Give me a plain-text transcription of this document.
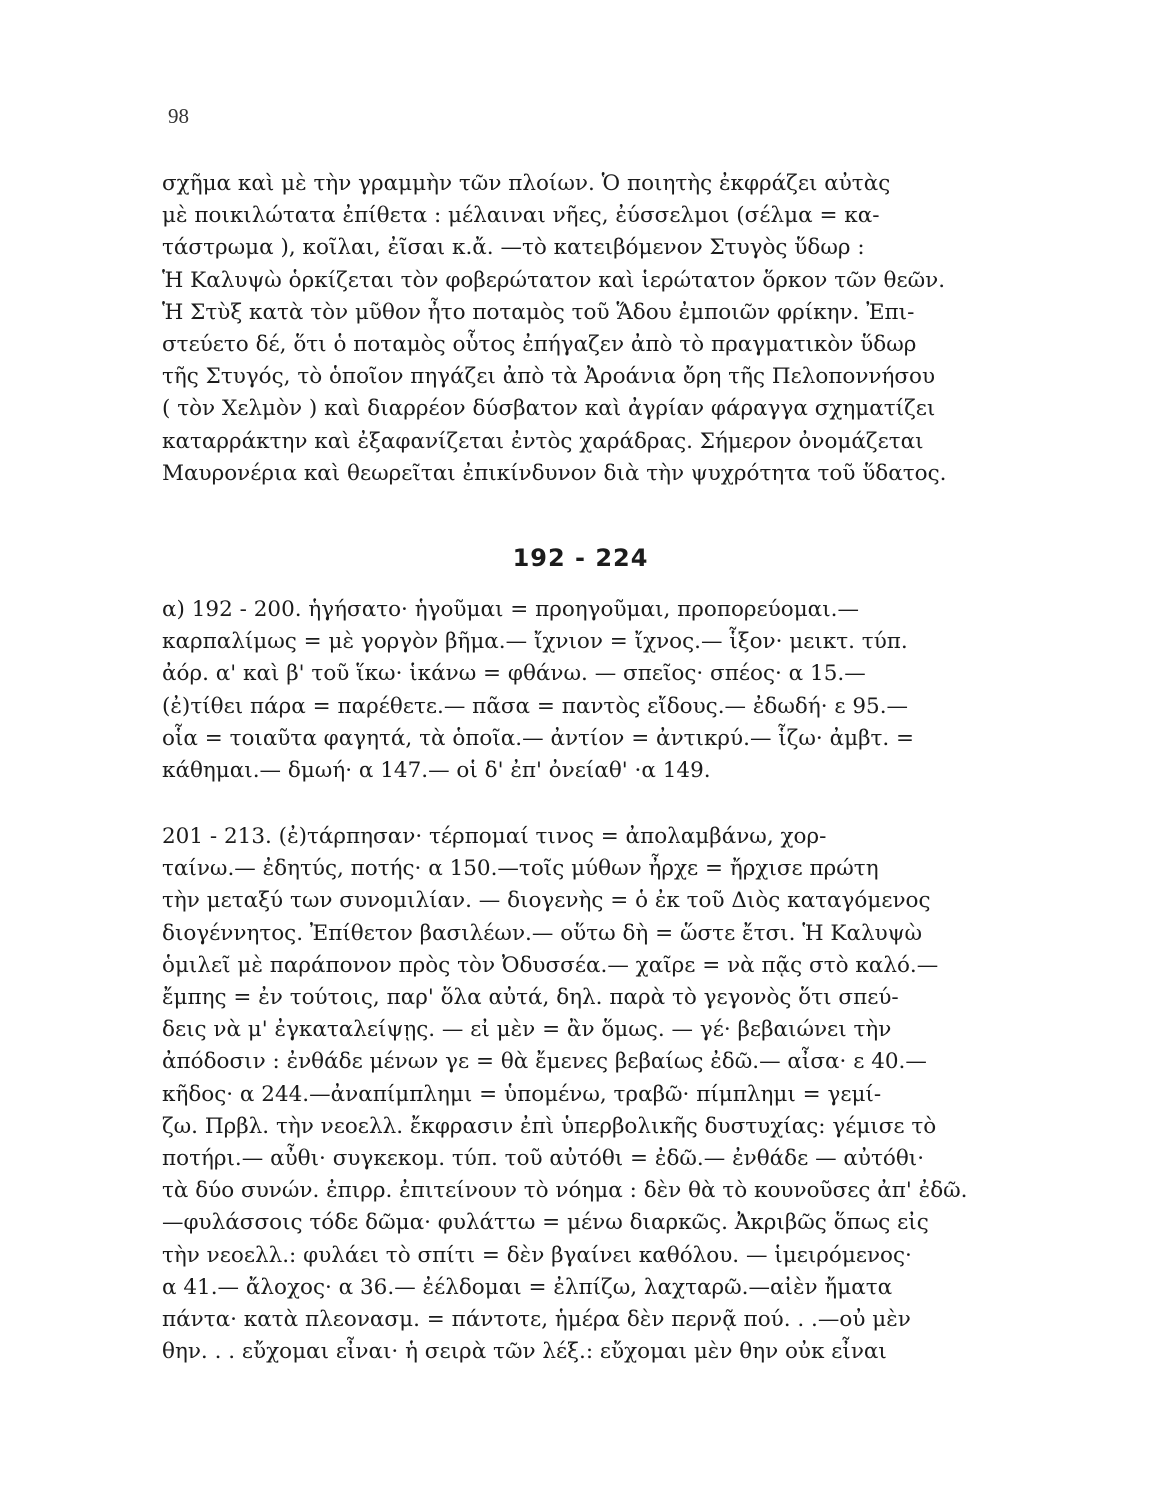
98
σχῆμα καὶ μὲ τὴν γραμμὴν τῶν πλοίων. Ὁ ποιητὴς ἐκφράζει αὐτὰς
μὲ ποικιλώτατα ἐπίθετα : μέλαιναι νῆες, ἐύσσελμοι (σέλμα = κα-
τάστρωμα ), κοῖλαι, ἐῖσαι κ.ἄ. —τὸ κατειβόμενον Στυγὸς ὕδωρ :
Ἡ Καλυψὼ ὁρκίζεται τὸν φοβερώτατον καὶ ἱερώτατον ὅρκον τῶν θεῶν.
Ἡ Στὺξ κατὰ τὸν μῦθον ἦτο ποταμὸς τοῦ Ἅδου ἐμποιῶν φρίκην. Ἐπι-
στεύετο δέ, ὅτι ὁ ποταμὸς οὗτος ἐπήγαζεν ἀπὸ τὸ πραγματικὸν ὕδωρ
τῆς Στυγός, τὸ ὁποῖον πηγάζει ἀπὸ τὰ Ἀροάνια ὄρη τῆς Πελοποννήσου
( τὸν Χελμὸν ) καὶ διαρρέον δύσβατον καὶ ἀγρίαν φάραγγα σχηματίζει
καταρράκτην καὶ ἐξαφανίζεται ἐντὸς χαράδρας. Σήμερον ὀνομάζεται
Μαυρονέρια καὶ θεωρεῖται ἐπικίνδυνον διὰ τὴν ψυχρότητα τοῦ ὕδατος.
192 - 224
α) 192 - 200. ἡγήσατο· ἡγοῦμαι = προηγοῦμαι, προπορεύομαι.—
καρπαλίμως = μὲ γοργὸν βῆμα.— ἴχνιον = ἴχνος.— ἷξον· μεικτ. τύπ.
ἀόρ. α' καὶ β' τοῦ ἵκω· ἱκάνω = φθάνω. — σπεῖος· σπέος· α 15.—
(ἐ)τίθει πάρα = παρέθετε.— πᾶσα = παντὸς εἴδους.— ἐδωδή· ε 95.—
οἷα = τοιαῦτα φαγητά, τὰ ὁποῖα.— ἀντίον = ἀντικρύ.— ἷζω· ἀμβτ. =
κάθημαι.— δμωή· α 147.— οἱ δ' ἐπ' ὀνείαθ' ·α 149.
201 - 213. (ἐ)τάρπησαν· τέρπομαί τινος = ἀπολαμβάνω, χορ-
ταίνω.— ἐδητύς, ποτής· α 150.—τοῖς μύθων ἦρχε = ἤρχισε πρώτη
τὴν μεταξύ των συνομιλίαν. — διογενὴς = ὁ ἐκ τοῦ Διὸς καταγόμενος
διογέννητος. Ἐπίθετον βασιλέων.— οὕτω δὴ = ὥστε ἔτσι. Ἡ Καλυψὼ
ὁμιλεῖ μὲ παράπονον πρὸς τὸν Ὀδυσσέα.— χαῖρε = νὰ πᾷς στὸ καλό.—
ἔμπης = ἐν τούτοις, παρ' ὅλα αὐτά, δηλ. παρὰ τὸ γεγονὸς ὅτι σπεύ-
δεις νὰ μ' ἐγκαταλείψῃς. — εἰ μὲν = ἂν ὅμως. — γέ· βεβαιώνει τὴν
ἀπόδοσιν : ἐνθάδε μένων γε = θὰ ἔμενες βεβαίως ἐδῶ.— αἶσα· ε 40.—
κῆδος· α 244.—ἀναπίμπλημι = ὑπομένω, τραβῶ· πίμπλημι = γεμί-
ζω. Πρβλ. τὴν νεοελλ. ἔκφρασιν ἐπὶ ὑπερβολικῆς δυστυχίας: γέμισε τὸ
ποτήρι.— αὖθι· συγκεκομ. τύπ. τοῦ αὐτόθι = ἐδῶ.— ἐνθάδε — αὐτόθι·
τὰ δύο συνών. ἐπιρρ. ἐπιτείνουν τὸ νόημα : δὲν θὰ τὸ κουνοῦσες ἀπ' ἐδῶ.
—φυλάσσοις τόδε δῶμα· φυλάττω = μένω διαρκῶς. Ἀκριβῶς ὅπως εἰς
τὴν νεοελλ.: φυλάει τὸ σπίτι = δὲν βγαίνει καθόλου. — ἱμειρόμενος·
α 41.— ἄλοχος· α 36.— ἐέλδομαι = ἐλπίζω, λαχταρῶ.—αἰὲν ἤματα
πάντα· κατὰ πλεονασμ. = πάντοτε, ἡμέρα δὲν περνᾷ πού. . .—οὐ μὲν
θην. . . εὔχομαι εἶναι· ἡ σειρὰ τῶν λέξ.: εὔχομαι μὲν θην οὐκ εἶναι
